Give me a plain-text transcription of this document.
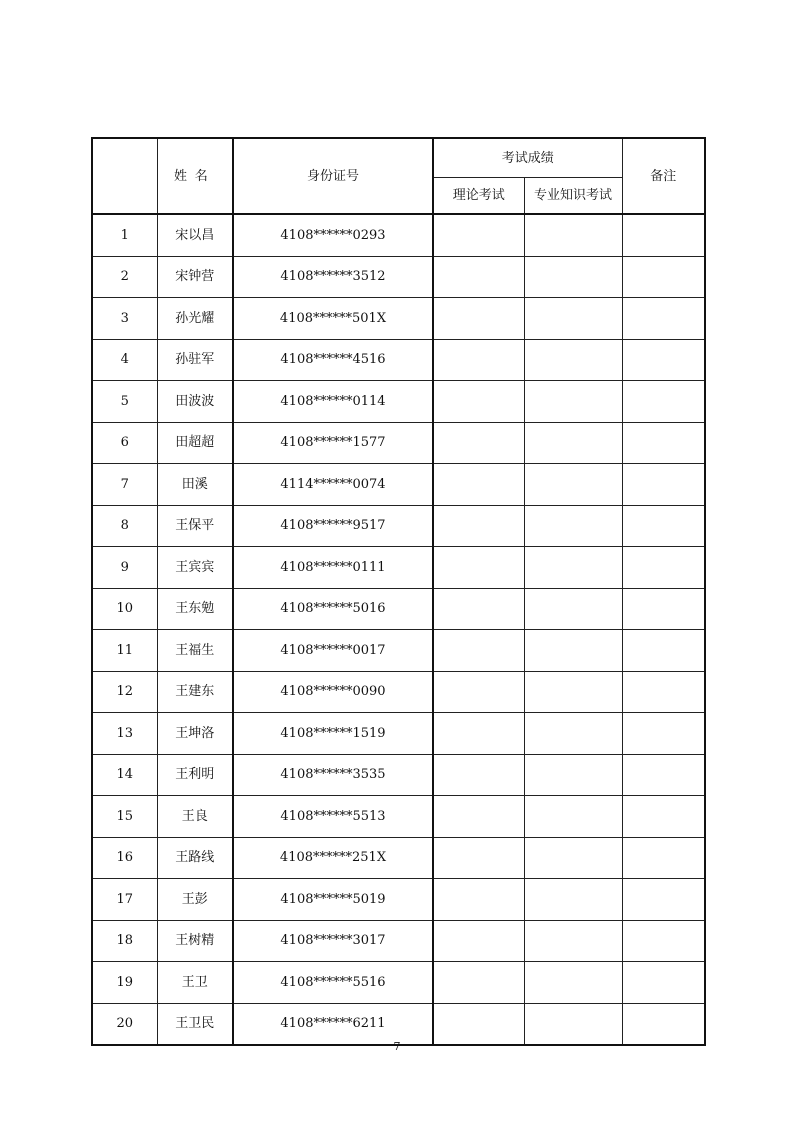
	姓名	身份证号	考试成绩		备注
			理论考试	专业知识考试	
1	宋以昌	4108******0293			
2	宋钟营	4108******3512			
3	孙光耀	4108******501X			
4	孙驻军	4108******4516			
5	田波波	4108******0114			
6	田超超	4108******1577			
7	田溪	4114******0074			
8	王保平	4108******9517			
9	王宾宾	4108******0111			
10	王东勉	4108******5016			
11	王福生	4108******0017			
12	王建东	4108******0090			
13	王坤洛	4108******1519			
14	王利明	4108******3535			
15	王良	4108******5513			
16	王路线	4108******251X			
17	王彭	4108******5019			
18	王树精	4108******3017			
19	王卫	4108******5516			
20	王卫民	4108******6211			
7
